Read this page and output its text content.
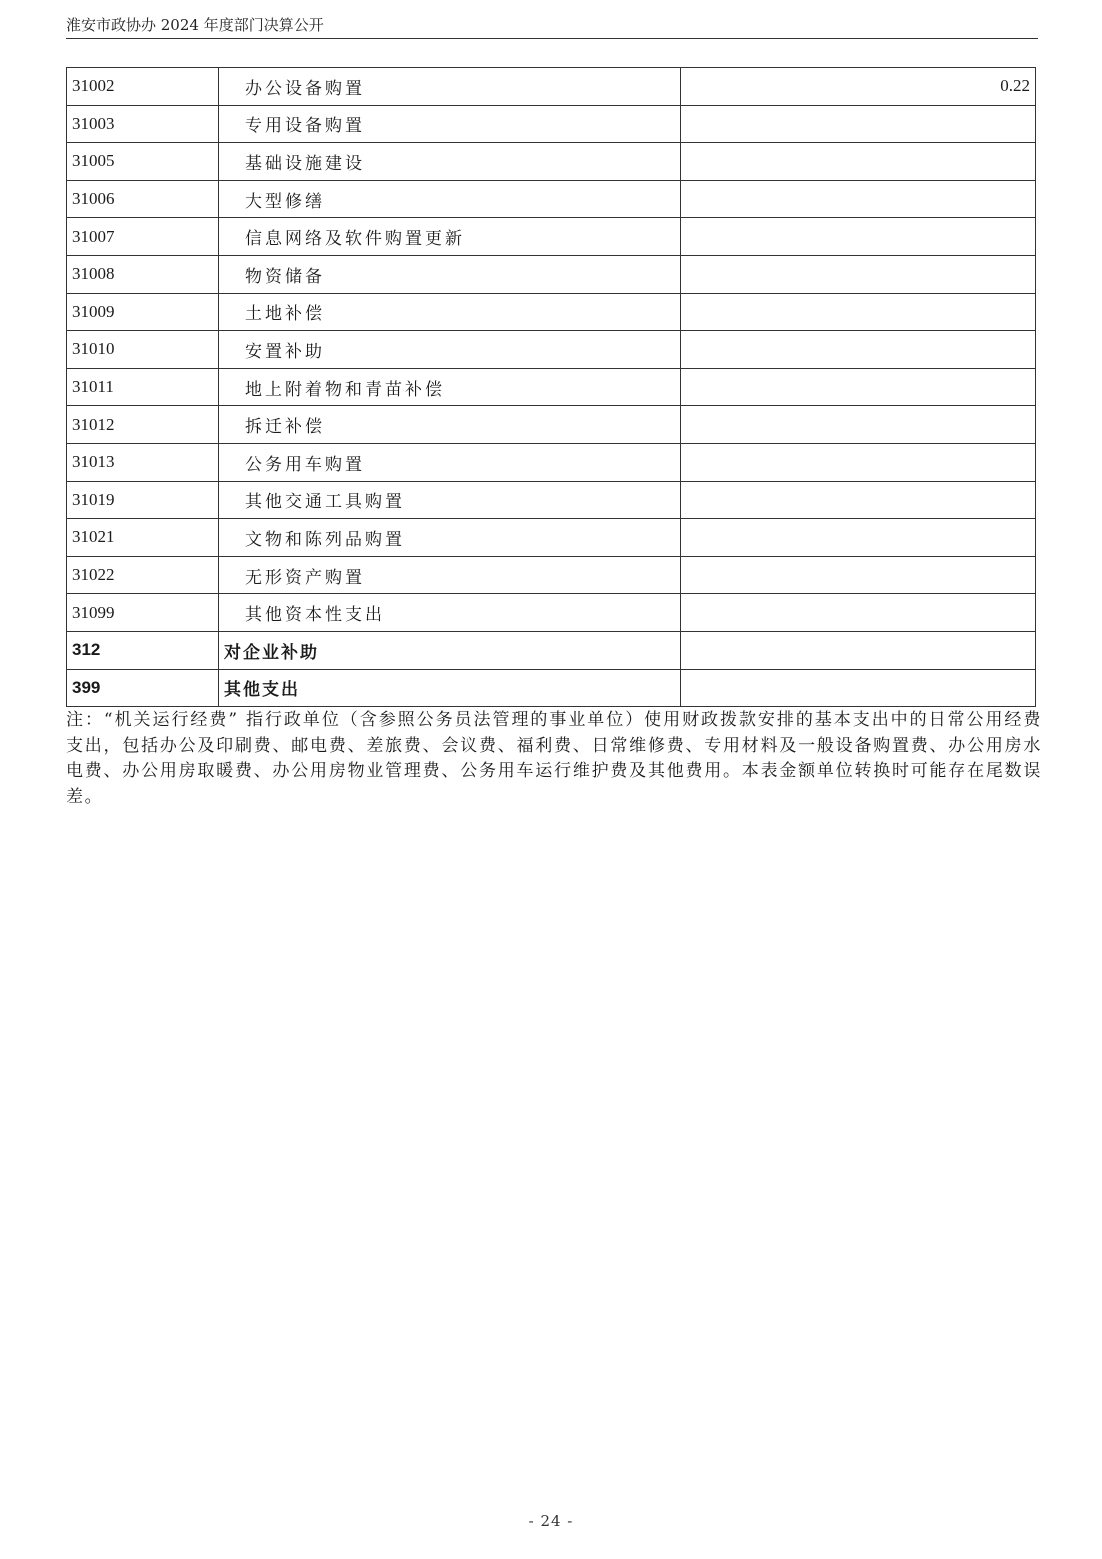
淮安市政协办 2024 年度部门决算公开
31002	办公设备购置	0.22
31003	专用设备购置	
31005	基础设施建设	
31006	大型修缮	
31007	信息网络及软件购置更新	
31008	物资储备	
31009	土地补偿	
31010	安置补助	
31011	地上附着物和青苗补偿	
31012	拆迁补偿	
31013	公务用车购置	
31019	其他交通工具购置	
31021	文物和陈列品购置	
31022	无形资产购置	
31099	其他资本性支出	
312	对企业补助	
399	其他支出	
注：“机关运行经费” 指行政单位（含参照公务员法管理的事业单位）使用财政拨款安排的基本支出中的日常公用经费支出，包括办公及印刷费、邮电费、差旅费、会议费、福利费、日常维修费、专用材料及一般设备购置费、办公用房水电费、办公用房取暖费、办公用房物业管理费、公务用车运行维护费及其他费用。本表金额单位转换时可能存在尾数误差。
- 24 -
